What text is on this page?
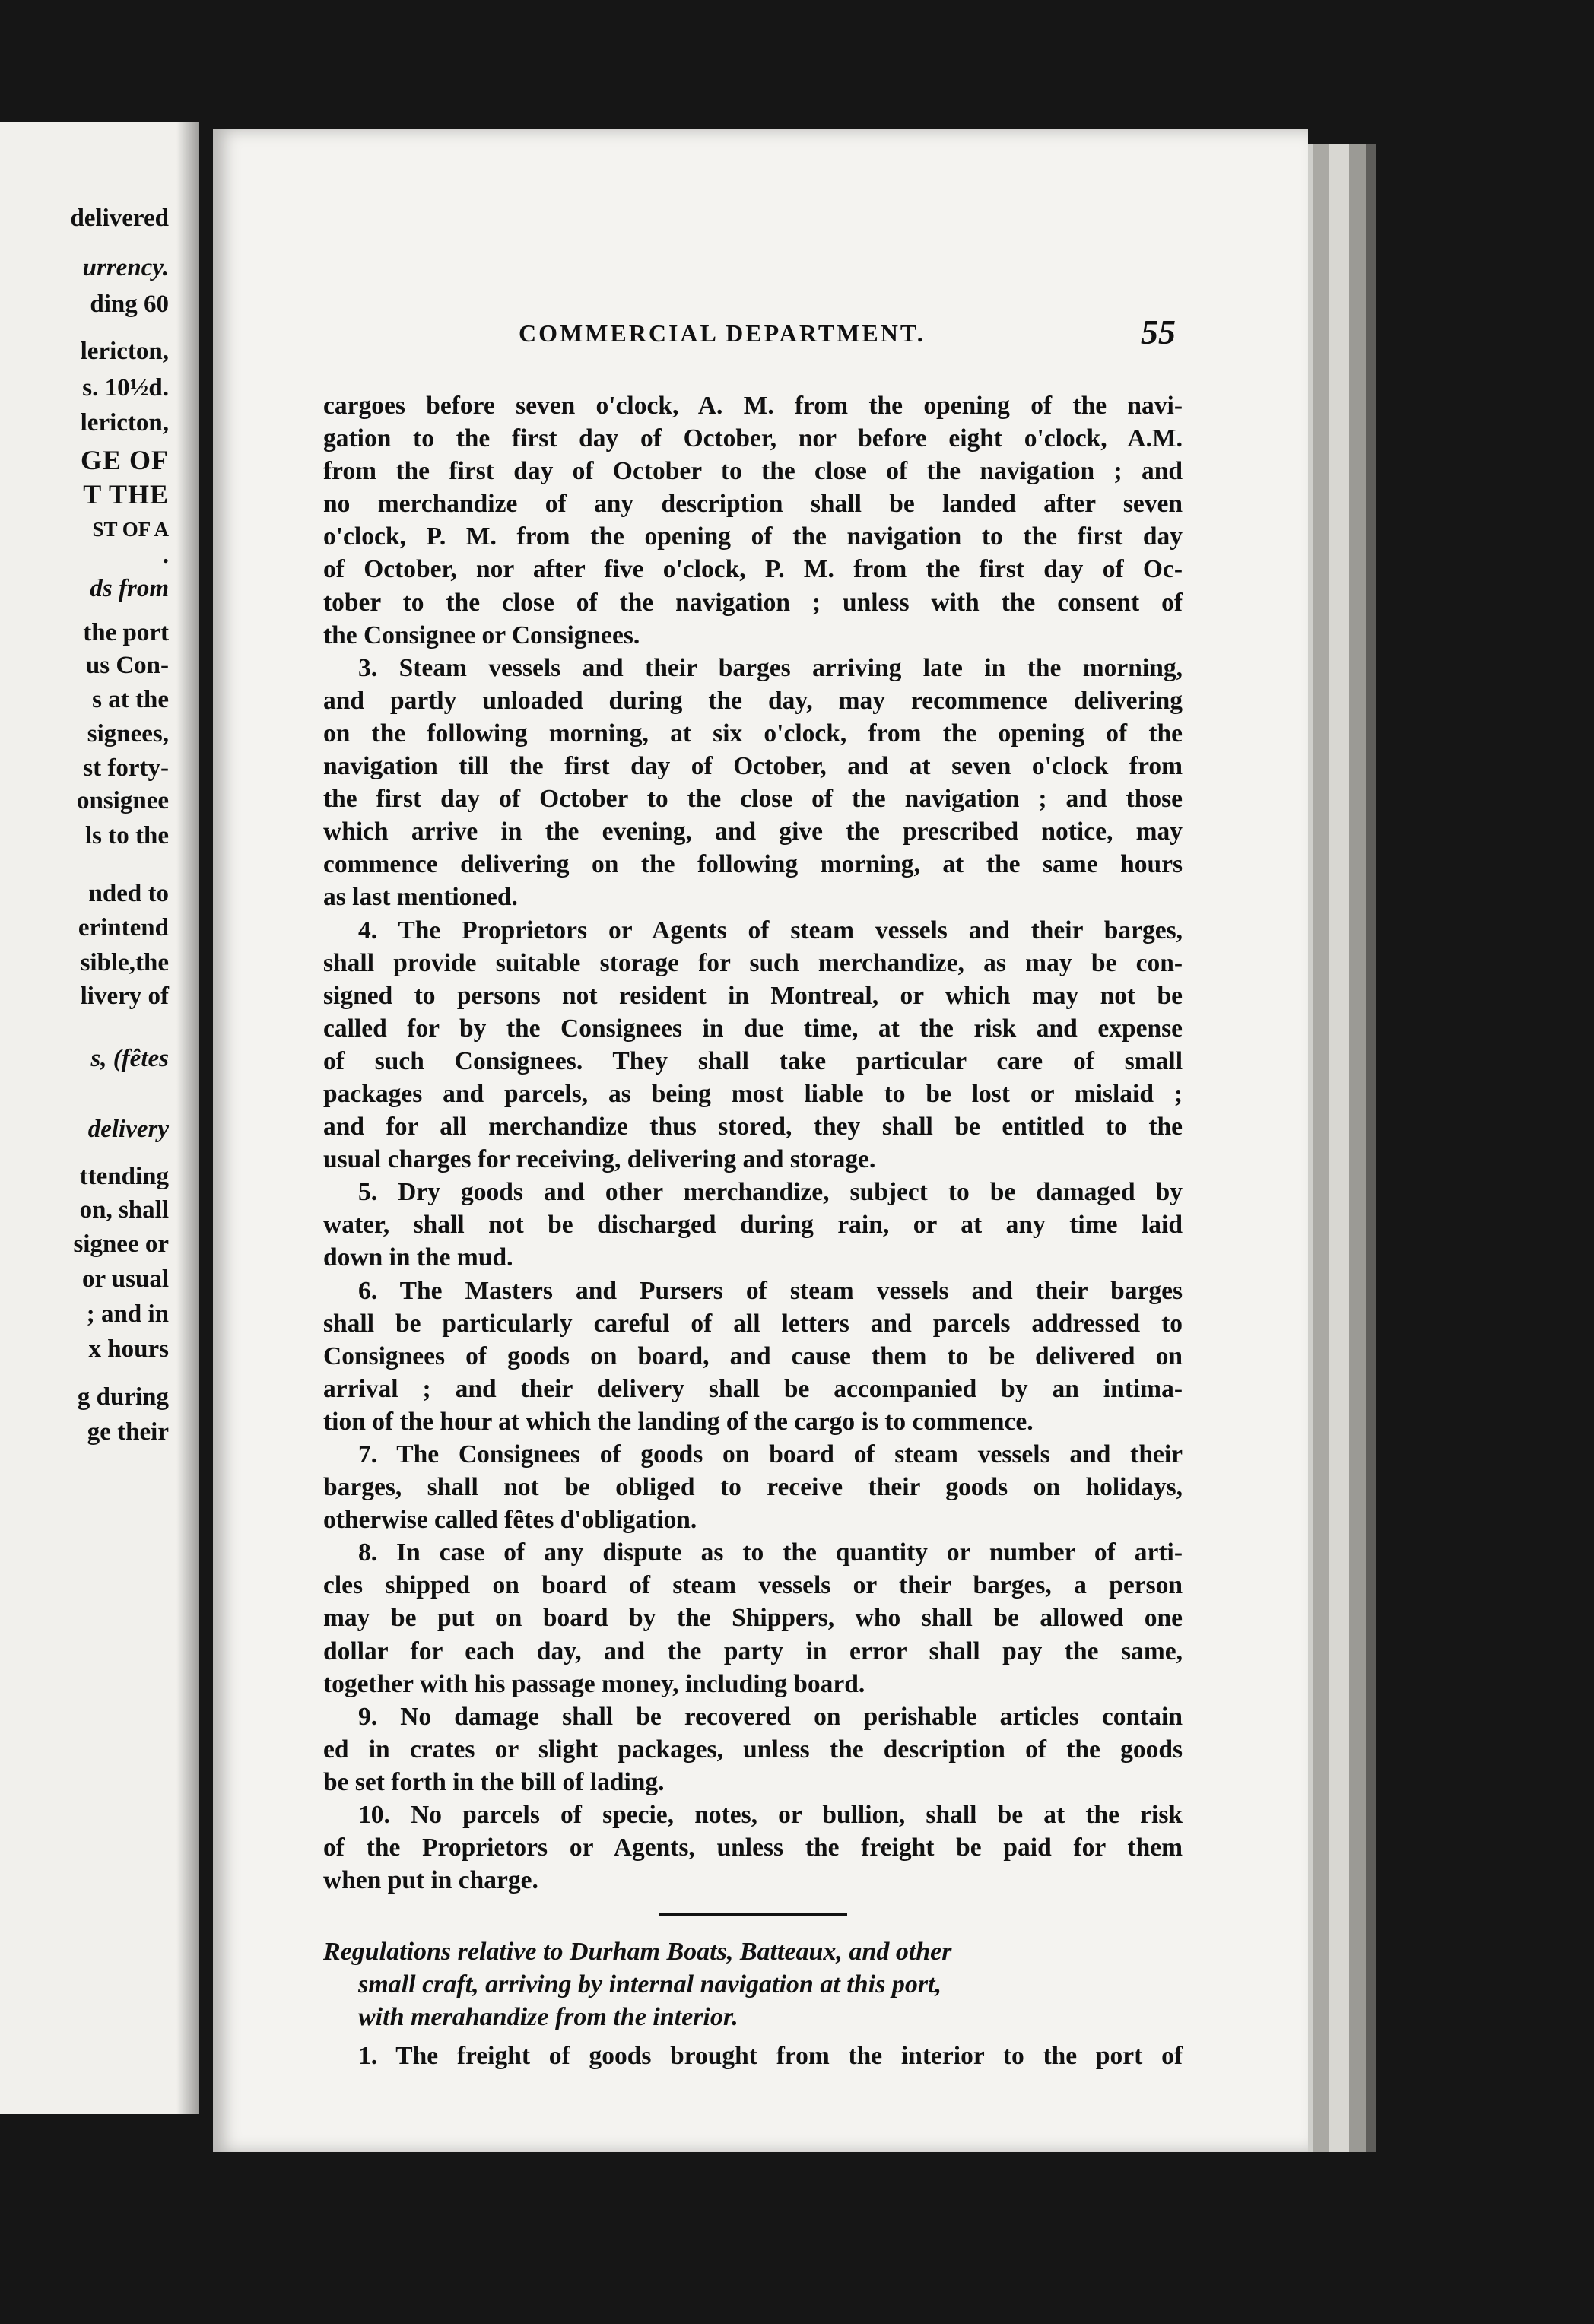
delivered
urrency.
ding 60
lericton,
s. 10½d.
lericton,
GE OF
T THE
ST OF A
.
ds from
the port
us Con-
s at the
signees,
st forty-
onsignee
ls to the
nded to
erintend
sible,the
livery of
s, (fêtes
delivery
ttending
on, shall
signee or
or usual
; and in
x hours
g during
ge their
COMMERCIAL DEPARTMENT.	55
cargoes before seven o'clock, A. M. from the opening of the navi-
gation to the first day of October, nor before eight o'clock, A.M.
from the first day of October to the close of the navigation ; and
no merchandize of any description shall be landed after seven
o'clock, P. M. from the opening of the navigation to the first day
of October, nor after five o'clock, P. M. from the first day of Oc-
tober to the close of the navigation ; unless with the consent of
the Consignee or Consignees.
3. Steam vessels and their barges arriving late in the morning,
and partly unloaded during the day, may recommence delivering
on the following morning, at six o'clock, from the opening of the
navigation till the first day of October, and at seven o'clock from
the first day of October to the close of the navigation ; and those
which arrive in the evening, and give the prescribed notice, may
commence delivering on the following morning, at the same hours
as last mentioned.
4. The Proprietors or Agents of steam vessels and their barges,
shall provide suitable storage for such merchandize, as may be con-
signed to persons not resident in Montreal, or which may not be
called for by the Consignees in due time, at the risk and expense
of such Consignees. They shall take particular care of small
packages and parcels, as being most liable to be lost or mislaid ;
and for all merchandize thus stored, they shall be entitled to the
usual charges for receiving, delivering and storage.
5. Dry goods and other merchandize, subject to be damaged by
water, shall not be discharged during rain, or at any time laid
down in the mud.
6. The Masters and Pursers of steam vessels and their barges
shall be particularly careful of all letters and parcels addressed to
Consignees of goods on board, and cause them to be delivered on
arrival ; and their delivery shall be accompanied by an intima-
tion of the hour at which the landing of the cargo is to commence.
7. The Consignees of goods on board of steam vessels and their
barges, shall not be obliged to receive their goods on holidays,
otherwise called fêtes d'obligation.
8. In case of any dispute as to the quantity or number of arti-
cles shipped on board of steam vessels or their barges, a person
may be put on board by the Shippers, who shall be allowed one
dollar for each day, and the party in error shall pay the same,
together with his passage money, including board.
9. No damage shall be recovered on perishable articles contain
ed in crates or slight packages, unless the description of the goods
be set forth in the bill of lading.
10. No parcels of specie, notes, or bullion, shall be at the risk
of the Proprietors or Agents, unless the freight be paid for them
when put in charge.
Regulations relative to Durham Boats, Batteaux, and other

small craft, arriving by internal navigation at this port,
with merahandize from the interior.
1. The freight of goods brought from the interior to the port of
